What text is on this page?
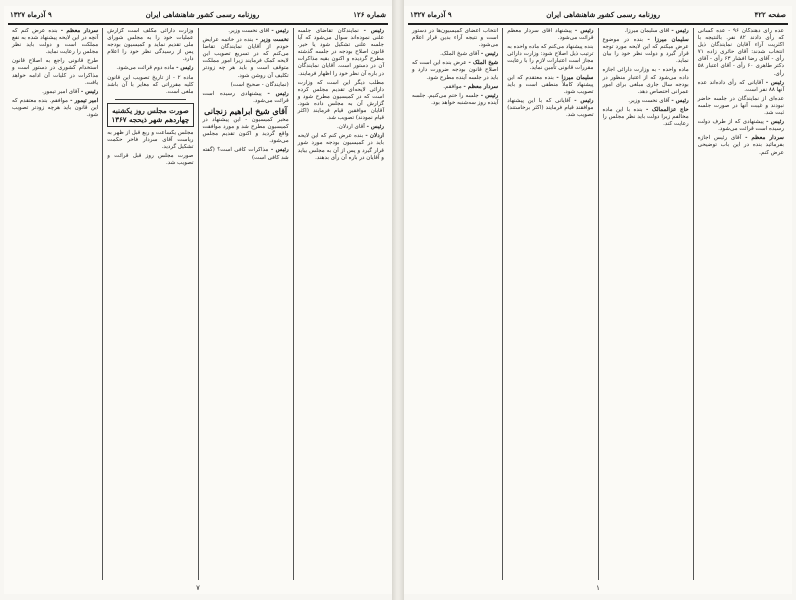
شماره ۱۲۶
روزنامه رسمی کشور شاهنشاهی ایران
۹ آذرماه ۱۳۲۷

رئیس - نمایندگان تقاضای جلسه علنی نموده‌اند سوال می‌شود که آیا جلسه علنی تشکیل شود یا خیر. قانون اصلاح بودجه در جلسه گذشته مطرح گردیده و اکنون بقیه مذاکرات آن در دستور است. آقایان نمایندگان در باره آن نظر خود را اظهار فرمایند.

مطلب دیگر این است که وزارت دارائی لایحه‌ای تقدیم مجلس کرده است که در کمیسیون مطرح شود و گزارش آن به مجلس داده شود. آقایان موافقین قیام فرمایند (اکثر قیام نمودند) تصویب شد.

رئیس - آقای اردلان.

اردلان - بنده عرض کنم که این لایحه باید در کمیسیون بودجه مورد شور قرار گیرد و پس از آن به مجلس بیاید و آقایان در باره آن رأی بدهند.

رئیس - آقای نخست وزیر.

نخست وزیر - بنده در خاتمه عرایض خودم از آقایان نمایندگان تقاضا می‌کنم که در تسریع تصویب این لایحه کمک فرمایند زیرا امور مملکت متوقف است و باید هر چه زودتر تکلیف آن روشن شود.

(نمایندگان - صحیح است)

رئیس - پیشنهادی رسیده است قرائت می‌شود.

آقای شیخ ابراهیم زنجانی

مخبر کمیسیون - این پیشنهاد در کمیسیون مطرح شد و مورد موافقت واقع گردید و اکنون تقدیم مجلس می‌شود.

رئیس - مذاکرات کافی است؟ (گفته شد کافی است)

وزارت دارائی مکلف است گزارش عملیات خود را به مجلس شورای ملی تقدیم نماید و کمیسیون بودجه پس از رسیدگی نظر خود را اعلام دارد.

رئیس - ماده دوم قرائت می‌شود.

ماده ۲ - از تاریخ تصویب این قانون کلیه مقرراتی که مغایر با آن باشد ملغی است.

صورت مجلس روز یکشنبه چهاردهم شهر ذیحجه ۱۳۶۷

مجلس یکساعت و ربع قبل از ظهر به ریاست آقای سردار فاخر حکمت تشکیل گردید.

صورت مجلس روز قبل قرائت و تصویب شد.

سردار معظم - بنده عرض کنم که آنچه در این لایحه پیشنهاد شده به نفع مملکت است و دولت باید نظر مجلس را رعایت نماید.

طرح قانونی راجع به اصلاح قانون استخدام کشوری در دستور است و مذاکرات در کلیات آن ادامه خواهد یافت.

رئیس - آقای امیر تیمور.

امیر تیمور - موافقم. بنده معتقدم که این قانون باید هرچه زودتر تصویب شود.

۷
صفحه ۴۲۲
روزنامه رسمی کشور شاهنشاهی ایران
۹ آذرماه ۱۳۲۷

عده رأی دهندگان ۹۶ - عده کسانی که رأی دادند ۸۲ نفر. بالنتیجه با اکثریت آراء آقایان نمایندگان ذیل انتخاب شدند: آقای حائری زاده ۷۱ رأی - آقای رضا افشار ۶۳ رأی - آقای دکتر طاهری ۶۰ رأی - آقای اعتبار ۵۸ رأی.

رئیس - آقایانی که رأی داده‌اند عده آنها ۸۸ نفر است.

عده‌ای از نمایندگان در جلسه حاضر نبودند و غیبت آنها در صورت جلسه ثبت شد.

رئیس - پیشنهادی که از طرف دولت رسیده است قرائت می‌شود.

سردار معظم - آقای رئیس اجازه بفرمائید بنده در این باب توضیحی عرض کنم.

رئیس - آقای سلیمان میرزا.

سلیمان میرزا - بنده در موضوع عرض میکنم که این لایحه مورد توجه قرار گیرد و دولت نظر خود را بیان نماید.

ماده واحده - به وزارت دارائی اجازه داده می‌شود که از اعتبار منظور در بودجه سال جاری مبلغی برای امور عمرانی اختصاص دهد.

رئیس - آقای نخست وزیر.

حاج عزالممالک - بنده با این ماده مخالفم زیرا دولت باید نظر مجلس را رعایت کند.

رئیس - پیشنهاد آقای سردار معظم قرائت می‌شود.

بنده پیشنهاد می‌کنم که ماده واحده به ترتیب ذیل اصلاح شود: وزارت دارائی مجاز است اعتبارات لازم را با رعایت مقررات قانونی تأمین نماید.

سلیمان میرزا - بنده معتقدم که این پیشنهاد کاملاً منطقی است و باید تصویب شود.

رئیس - آقایانی که با این پیشنهاد موافقند قیام فرمایند (اکثر برخاستند) تصویب شد.

انتخاب اعضای کمیسیون‌ها در دستور است و نتیجه آراء بدین قرار اعلام می‌شود.

رئیس - آقای شیخ الملک.

شیخ الملک - عرض بنده این است که اصلاح قانون بودجه ضرورت دارد و باید در جلسه آینده مطرح شود.

سردار معظم - موافقم.

رئیس - جلسه را ختم می‌کنیم. جلسه آینده روز سه‌شنبه خواهد بود.

۱
